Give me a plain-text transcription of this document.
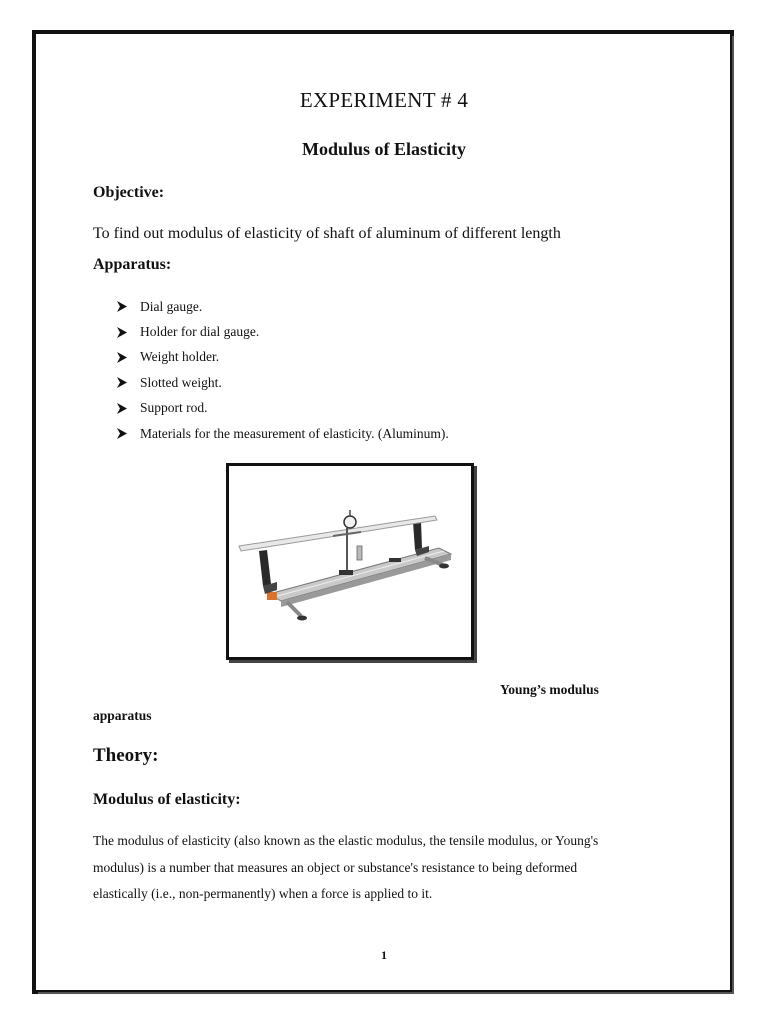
EXPERIMENT # 4
Modulus of Elasticity
Objective:
To find out modulus of elasticity of shaft of aluminum of different length
Apparatus:
Dial gauge.
Holder for dial gauge.
Weight holder.
Slotted weight.
Support rod.
Materials for the measurement of elasticity. (Aluminum).
Young’s modulus
apparatus
Theory:
Modulus of elasticity:
The modulus of elasticity (also known as the elastic modulus, the tensile modulus, or Young's
modulus) is a number that measures an object or substance's resistance to being deformed
elastically (i.e., non-permanently) when a force is applied to it.
1
